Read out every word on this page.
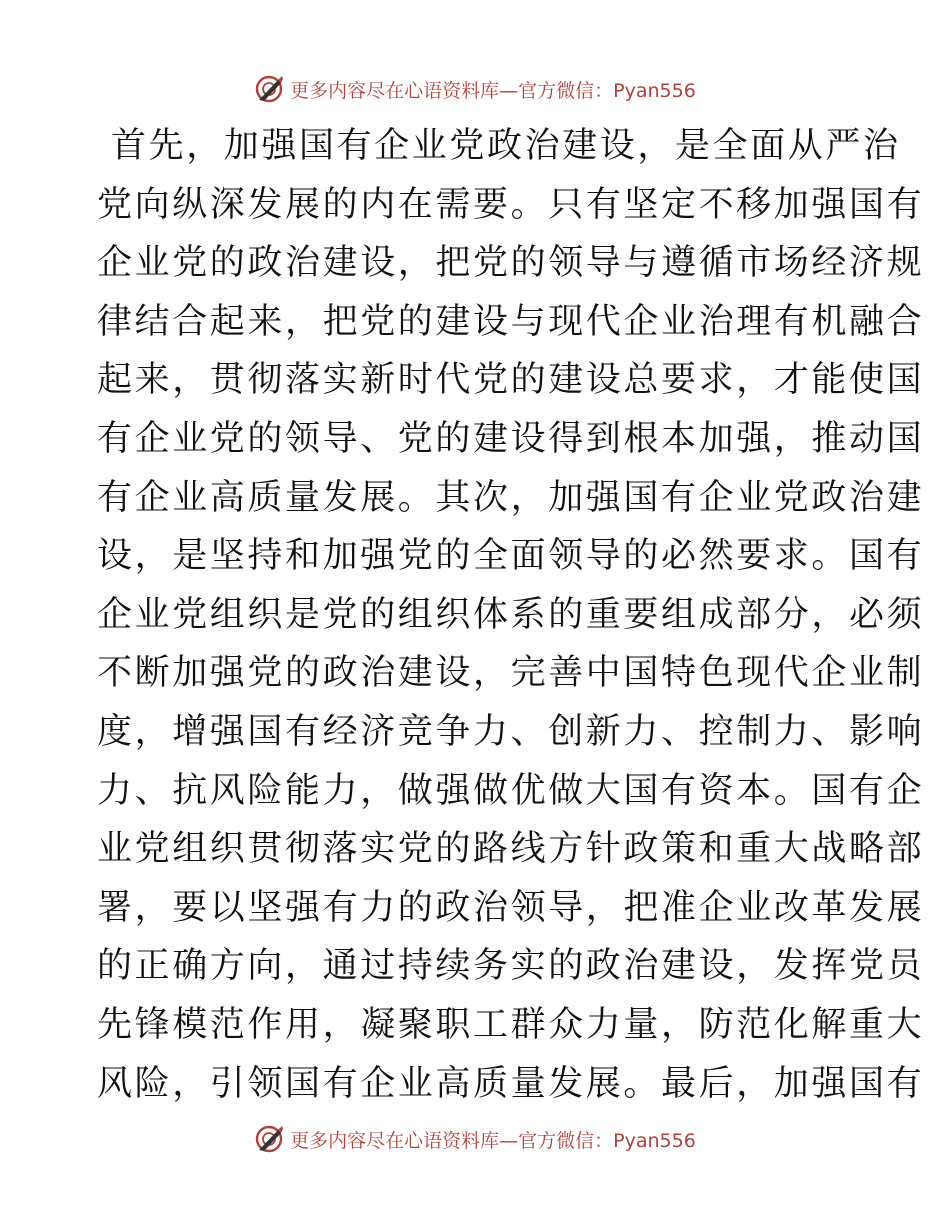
更多内容尽在心语资料库—官方微信：Pyan556
首先，加强国有企业党政治建设，是全面从严治
党向纵深发展的内在需要。只有坚定不移加强国有
企业党的政治建设，把党的领导与遵循市场经济规
律结合起来，把党的建设与现代企业治理有机融合
起来，贯彻落实新时代党的建设总要求，才能使国
有企业党的领导、党的建设得到根本加强，推动国
有企业高质量发展。其次，加强国有企业党政治建
设，是坚持和加强党的全面领导的必然要求。国有
企业党组织是党的组织体系的重要组成部分，必须
不断加强党的政治建设，完善中国特色现代企业制
度，增强国有经济竞争力、创新力、控制力、影响
力、抗风险能力，做强做优做大国有资本。国有企
业党组织贯彻落实党的路线方针政策和重大战略部
署，要以坚强有力的政治领导，把准企业改革发展
的正确方向，通过持续务实的政治建设，发挥党员
先锋模范作用，凝聚职工群众力量，防范化解重大
风险，引领国有企业高质量发展。最后，加强国有
更多内容尽在心语资料库—官方微信：Pyan556
